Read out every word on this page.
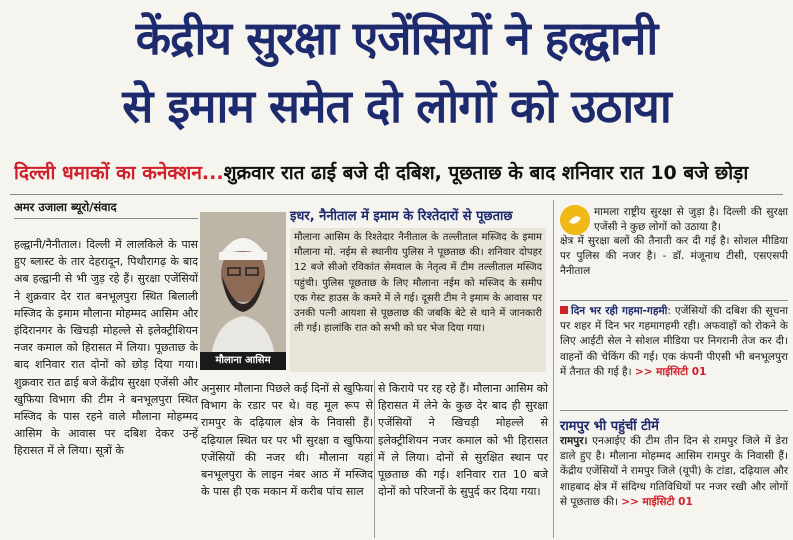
केंद्रीय सुरक्षा एजेंसियों ने हल्द्वानी
से इमाम समेत दो लोगों को उठाया
दिल्ली धमाकों का कनेक्शन...शुक्रवार रात ढाई बजे दी दबिश, पूछताछ के बाद शनिवार रात 10 बजे छोड़ा
अमर उजाला ब्यूरो/संवाद

हल्द्वानी/नैनीताल। दिल्ली में लालकिले के पास हुए ब्लास्ट के तार देहरादून, पिथौरागढ़ के बाद अब हल्द्वानी से भी जुड़ रहे हैं। सुरक्षा एजेंसियों ने शुक्रवार देर रात बनभूलपुरा स्थित बिलाली मस्जिद के इमाम मौलाना मोहम्मद आसिम और इंदिरानगर के खिचड़ी मोहल्ले से इलेक्ट्रीशियन नजर कमाल को हिरासत में लिया। पूछताछ के बाद शनिवार रात दोनों को छोड़ दिया गया। शुक्रवार रात ढाई बजे केंद्रीय सुरक्षा एजेंसी और खुफिया विभाग की टीम ने बनभूलपुरा स्थित मस्जिद के पास रहने वाले मौलाना मोहम्मद आसिम के आवास पर दबिश देकर उन्हें हिरासत में ले लिया। सूत्रों के

मौलाना आसिम
इधर, नैनीताल में इमाम के रिश्तेदारों से पूछताछ
मौलाना आसिम के रिश्तेदार नैनीताल के तल्लीताल मस्जिद के इमाम मौलाना मो. नईम से स्थानीय पुलिस ने पूछताछ की। शनिवार दोपहर 12 बजे सीओ रविकांत सेमवाल के नेतृत्व में टीम तल्लीताल मस्जिद पहुंची। पुलिस पूछताछ के लिए मौलाना नईम को मस्जिद के समीप एक गेस्ट हाउस के कमरे में ले गई। दूसरी टीम ने इमाम के आवास पर उनकी पत्नी आयशा से पूछताछ की जबकि बेटे से थाने में जानकारी ली गई। हालांकि रात को सभी को घर भेज दिया गया।

अनुसार मौलाना पिछले कई दिनों से खुफिया विभाग के रडार पर थे। वह मूल रूप से रामपुर के दढ़ियाल क्षेत्र के निवासी हैं। दढ़ियाल स्थित घर पर भी सुरक्षा व खुफिया एजेंसियों की नजर थी। मौलाना यहां बनभूलपुरा के लाइन नंबर आठ में मस्जिद के पास ही एक मकान में करीब पांच साल

से किराये पर रह रहे हैं। मौलाना आसिम को हिरासत में लेने के कुछ देर बाद ही सुरक्षा एजेंसियों ने खिचड़ी मोहल्ले से इलेक्ट्रीशियन नजर कमाल को भी हिरासत में ले लिया। दोनों से सुरक्षित स्थान पर पूछताछ की गई। शनिवार रात 10 बजे दोनों को परिजनों के सुपुर्द कर दिया गया।

मामला राष्ट्रीय सुरक्षा से जुड़ा है। दिल्ली की सुरक्षा एजेंसी ने कुछ लोगों को उठाया है।
क्षेत्र में सुरक्षा बलों की तैनाती कर दी गई है। सोशल मीडिया पर पुलिस की नजर है। - डॉ. मंजूनाथ टीसी, एसएसपी नैनीताल
दिन भर रही गहमा-गहमी: एजेंसियों की दबिश की सूचना पर शहर में दिन भर गहमागहमी रही। अफवाहों को रोकने के लिए आईटी सेल ने सोशल मीडिया पर निगरानी तेज कर दी। वाहनों की चेकिंग की गई। एक कंपनी पीएसी भी बनभूलपुरा में तैनात की गई है। >> माईसिटी 01
रामपुर भी पहुंचीं टीमें
रामपुर। एनआईए की टीम तीन दिन से रामपुर जिले में डेरा डाले हुए है। मौलाना मोहम्मद आसिम रामपुर के निवासी हैं। केंद्रीय एजेंसियों ने रामपुर जिले (यूपी) के टांडा, दढ़ियाल और शाहबाद क्षेत्र में संदिग्ध गतिविधियों पर नजर रखी और लोगों से पूछताछ की। >> माईसिटी 01
